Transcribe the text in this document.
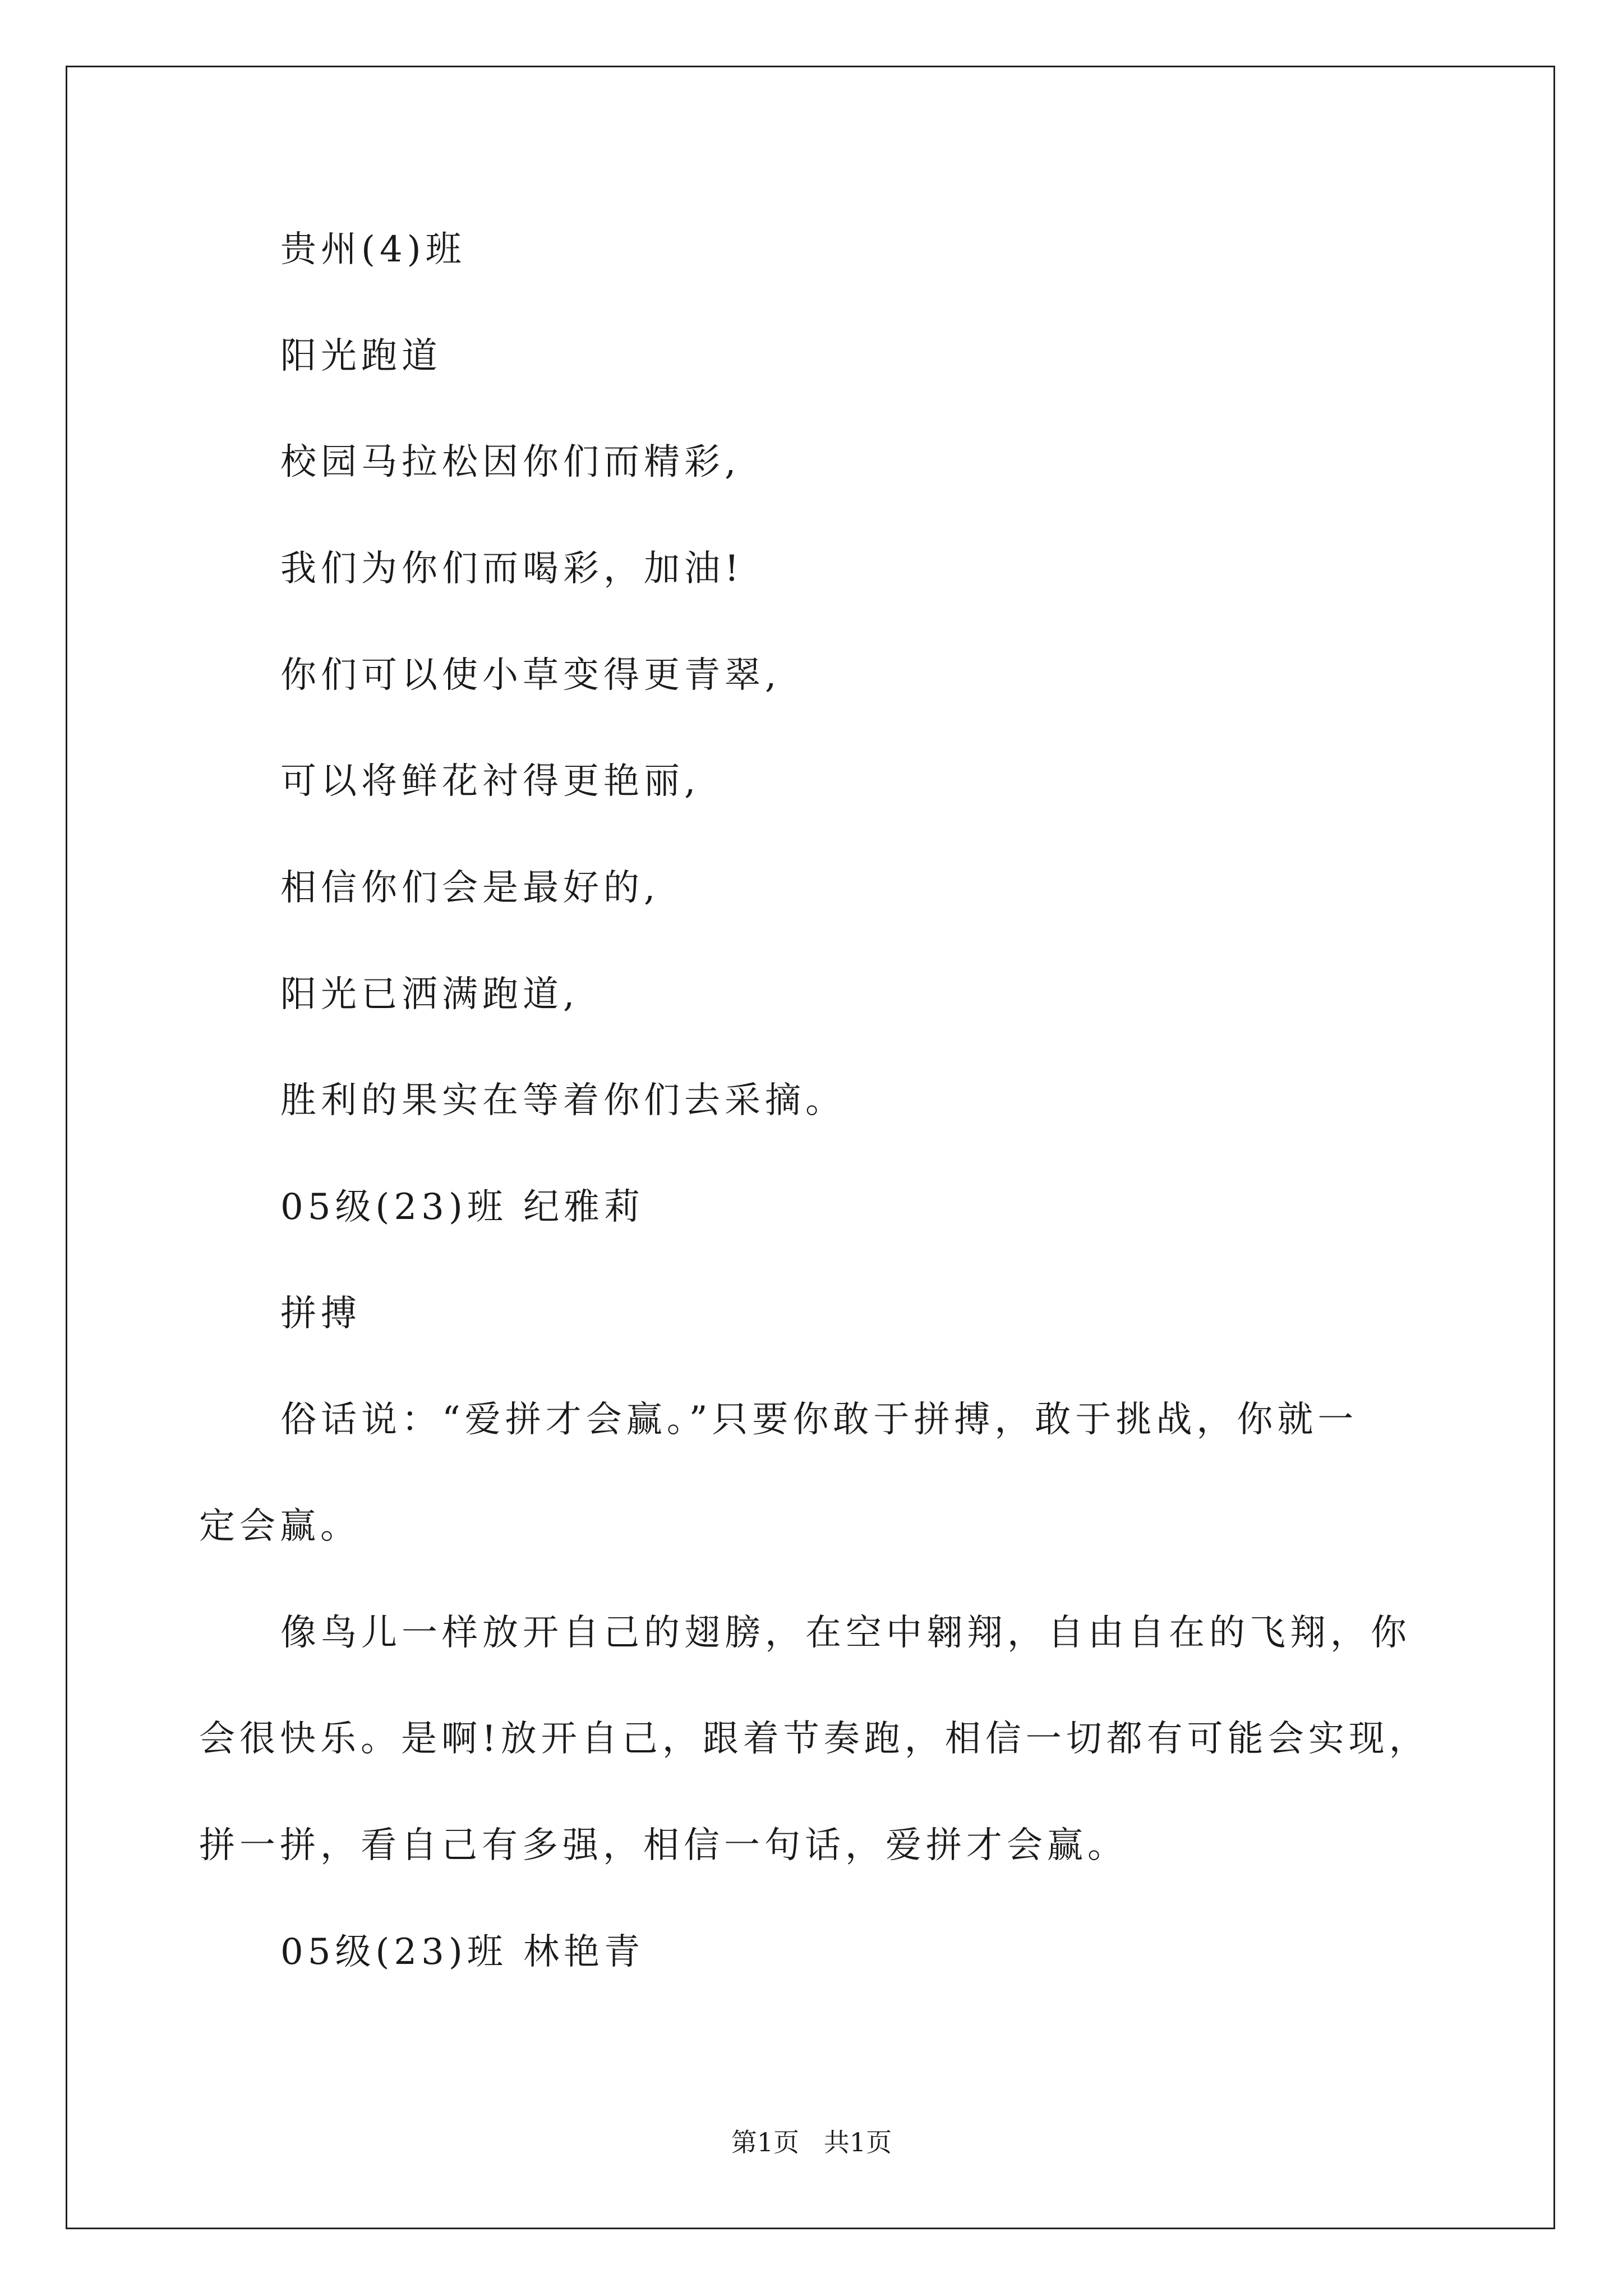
贵州(4)班

阳光跑道

校园马拉松因你们而精彩,

我们为你们而喝彩，加油!

你们可以使小草变得更青翠,

可以将鲜花衬得更艳丽,

相信你们会是最好的,

阳光已洒满跑道,

胜利的果实在等着你们去采摘。

05级(23)班 纪雅莉

拼搏

俗话说：“爱拼才会赢。”只要你敢于拼搏，敢于挑战，你就一

定会赢。

像鸟儿一样放开自己的翅膀，在空中翱翔，自由自在的飞翔，你

会很快乐。是啊!放开自己，跟着节奏跑，相信一切都有可能会实现，

拼一拼，看自己有多强，相信一句话，爱拼才会赢。

05级(23)班 林艳青

第1页   共1页
